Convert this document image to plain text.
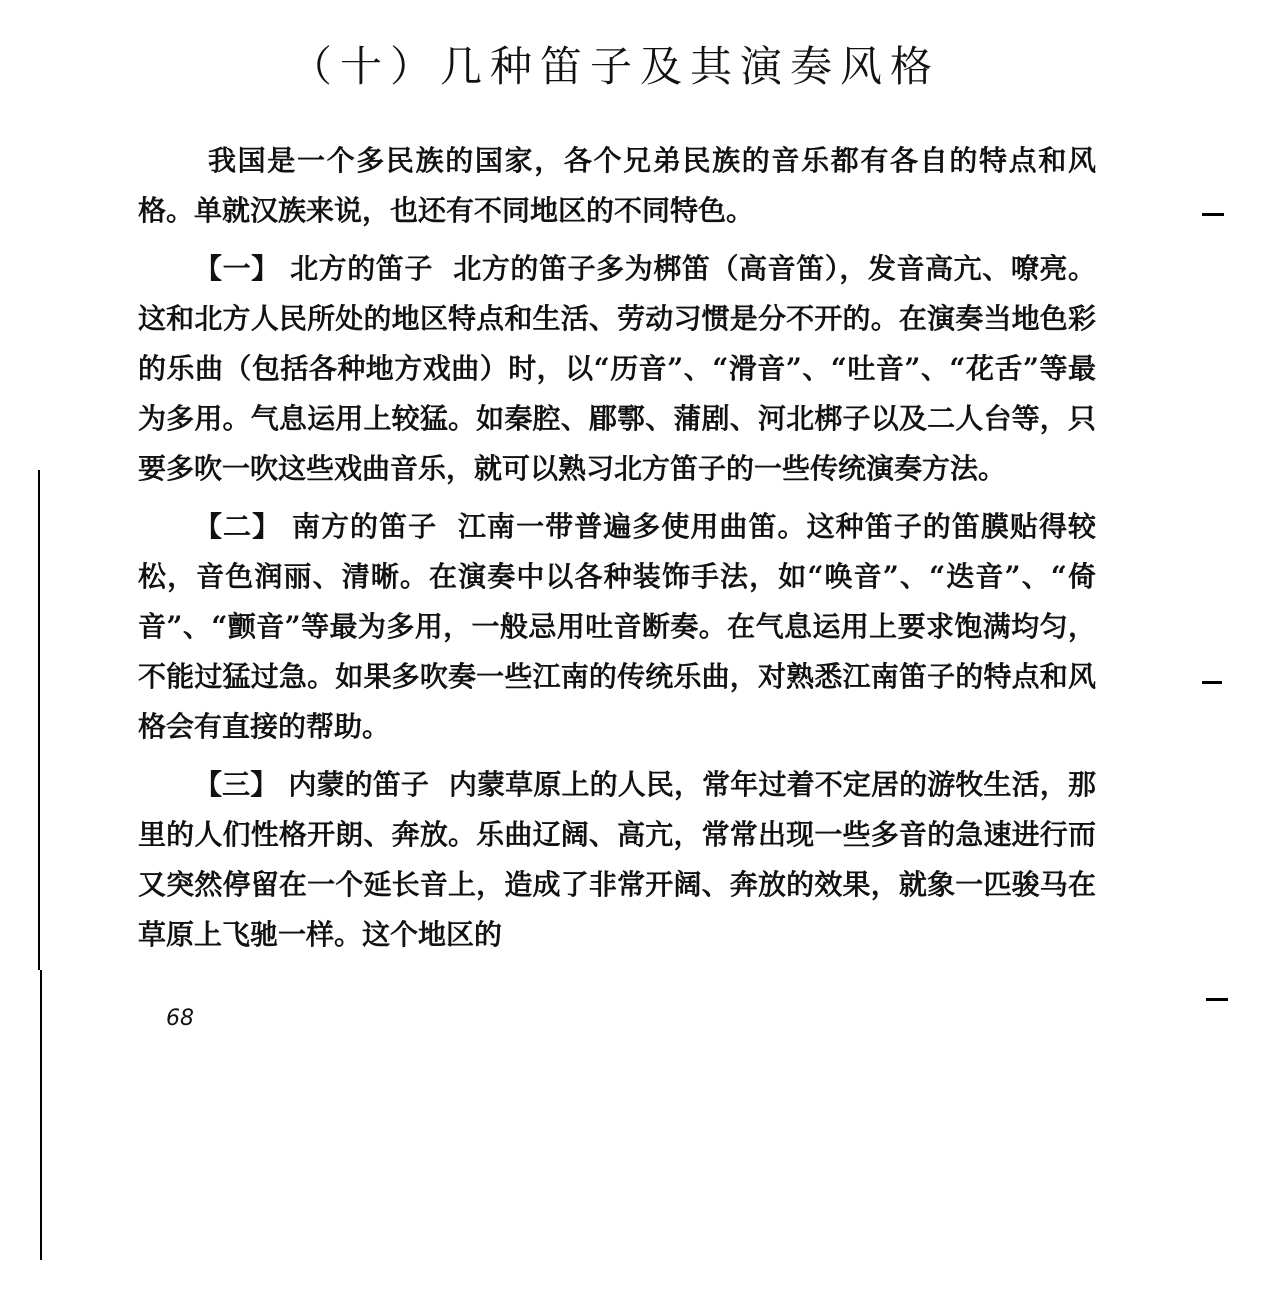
（十）几种笛子及其演奏风格

我国是一个多民族的国家，各个兄弟民族的音乐都有各自的特点和风格。单就汉族来说，也还有不同地区的不同特色。

【一】 北方的笛子 北方的笛子多为梆笛（高音笛），发音高亢、嘹亮。这和北方人民所处的地区特点和生活、劳动习惯是分不开的。在演奏当地色彩的乐曲（包括各种地方戏曲）时，以“历音”、“滑音”、“吐音”、“花舌”等最为多用。气息运用上较猛。如秦腔、郿鄠、蒲剧、河北梆子以及二人台等，只要多吹一吹这些戏曲音乐，就可以熟习北方笛子的一些传统演奏方法。

【二】 南方的笛子 江南一带普遍多使用曲笛。这种笛子的笛膜贴得较松，音色润丽、清晰。在演奏中以各种装饰手法，如“唤音”、“迭音”、“倚音”、“颤音”等最为多用，一般忌用吐音断奏。在气息运用上要求饱满均匀，不能过猛过急。如果多吹奏一些江南的传统乐曲，对熟悉江南笛子的特点和风格会有直接的帮助。

【三】 内蒙的笛子 内蒙草原上的人民，常年过着不定居的游牧生活，那里的人们性格开朗、奔放。乐曲辽阔、高亢，常常出现一些多音的急速进行而又突然停留在一个延长音上，造成了非常开阔、奔放的效果，就象一匹骏马在草原上飞驰一样。这个地区的

68
